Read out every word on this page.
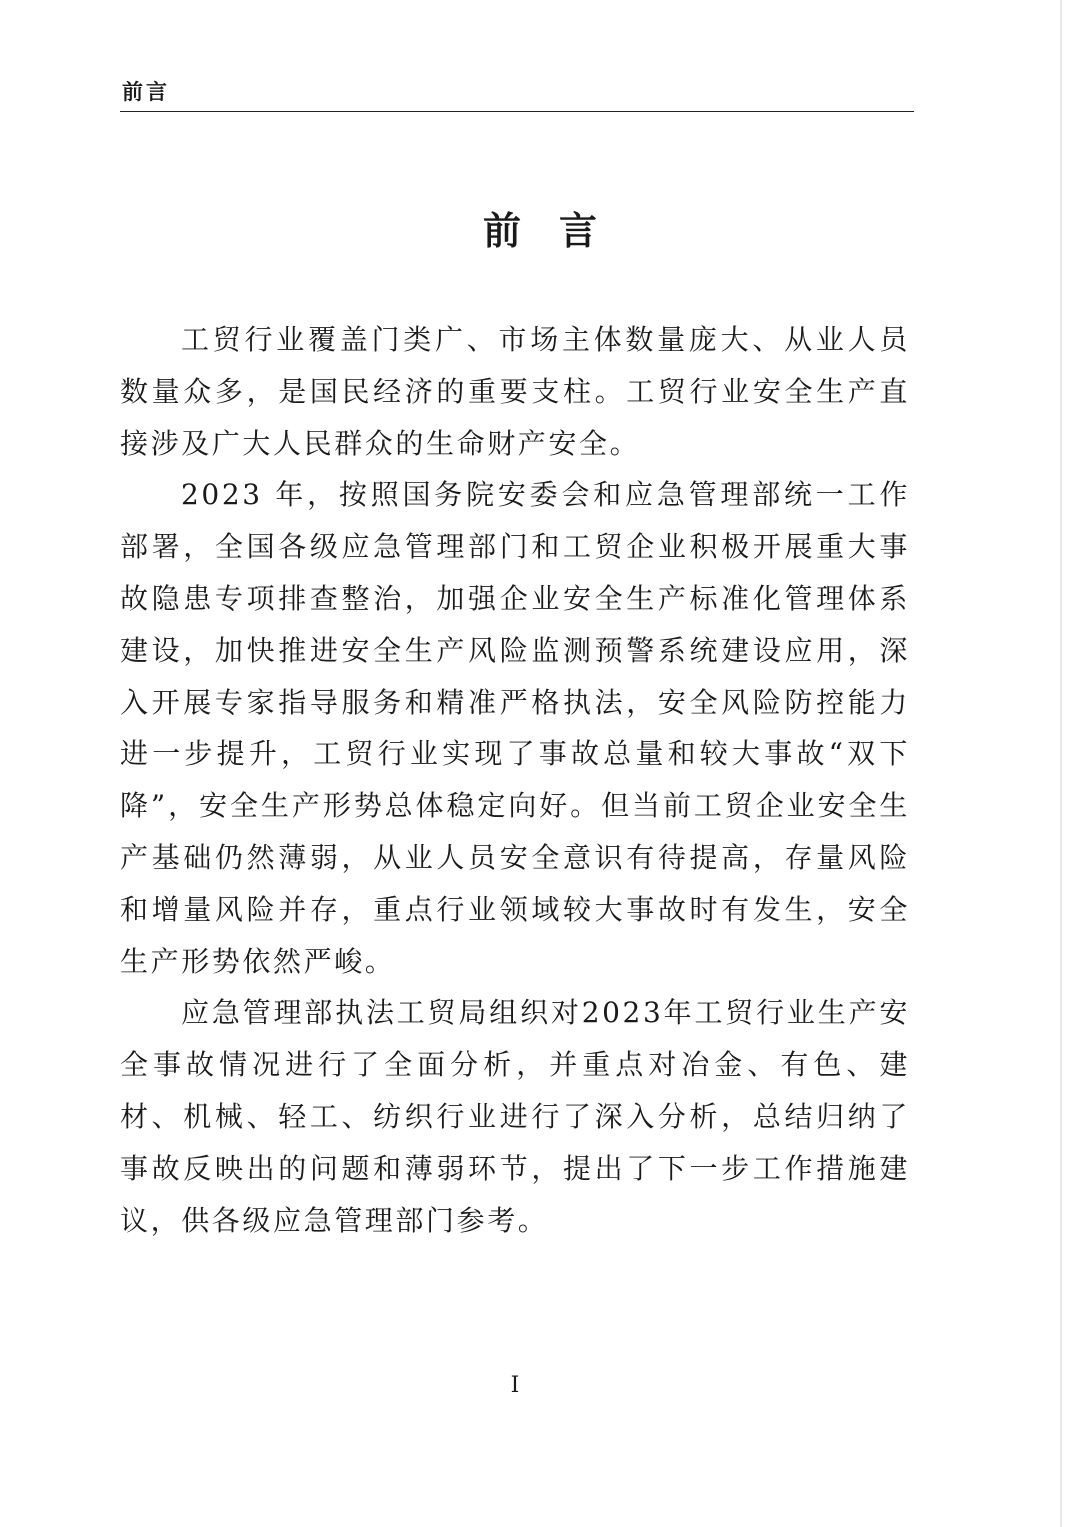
前言
前言

工贸行业覆盖门类广、市场主体数量庞大、从业人员数量众多，是国民经济的重要支柱。工贸行业安全生产直接涉及广大人民群众的生命财产安全。

2023 年，按照国务院安委会和应急管理部统一工作部署，全国各级应急管理部门和工贸企业积极开展重大事故隐患专项排查整治，加强企业安全生产标准化管理体系建设，加快推进安全生产风险监测预警系统建设应用，深入开展专家指导服务和精准严格执法，安全风险防控能力进一步提升，工贸行业实现了事故总量和较大事故“双下降”，安全生产形势总体稳定向好。但当前工贸企业安全生产基础仍然薄弱，从业人员安全意识有待提高，存量风险和增量风险并存，重点行业领域较大事故时有发生，安全生产形势依然严峻。

应急管理部执法工贸局组织对2023年工贸行业生产安全事故情况进行了全面分析，并重点对冶金、有色、建材、机械、轻工、纺织行业进行了深入分析，总结归纳了事故反映出的问题和薄弱环节，提出了下一步工作措施建议，供各级应急管理部门参考。

I
